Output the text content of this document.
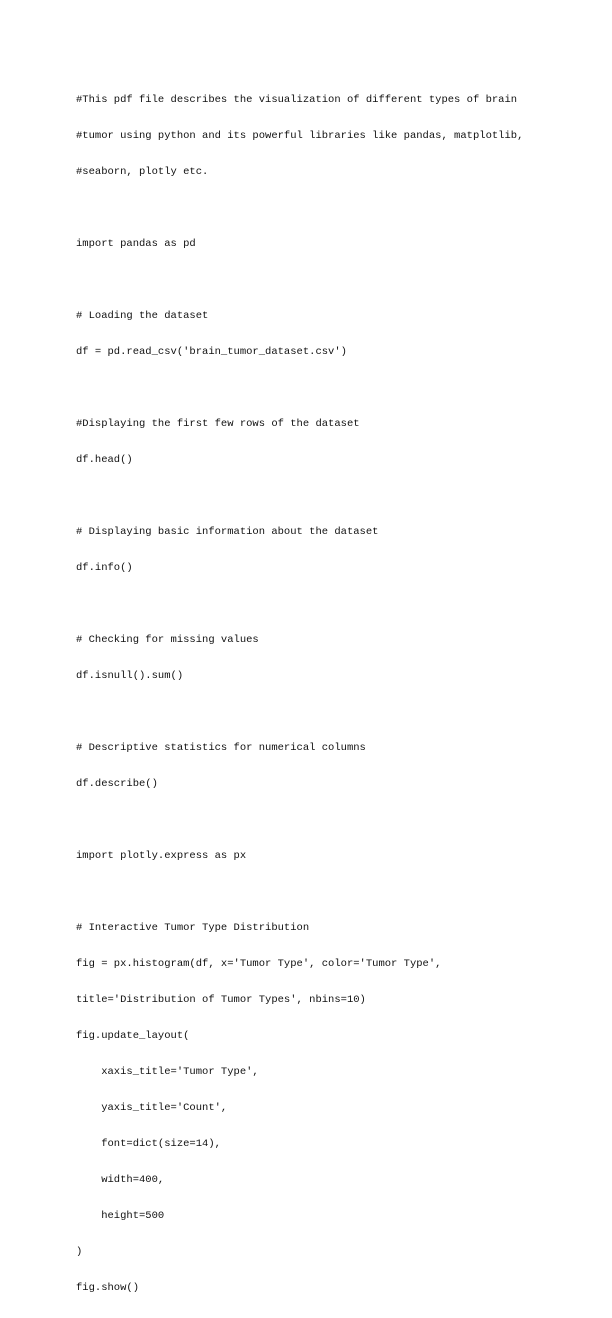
#This pdf file describes the visualization of different types of brain

#tumor using python and its powerful libraries like pandas, matplotlib,

#seaborn, plotly etc.

import pandas as pd

# Loading the dataset

df = pd.read_csv('brain_tumor_dataset.csv')

#Displaying the first few rows of the dataset

df.head()

# Displaying basic information about the dataset

df.info()

# Checking for missing values

df.isnull().sum()

# Descriptive statistics for numerical columns

df.describe()

import plotly.express as px

# Interactive Tumor Type Distribution

fig = px.histogram(df, x='Tumor Type', color='Tumor Type',

title='Distribution of Tumor Types', nbins=10)

fig.update_layout(

xaxis_title='Tumor Type',

yaxis_title='Count',

font=dict(size=14),

width=400,

height=500

)

fig.show()
